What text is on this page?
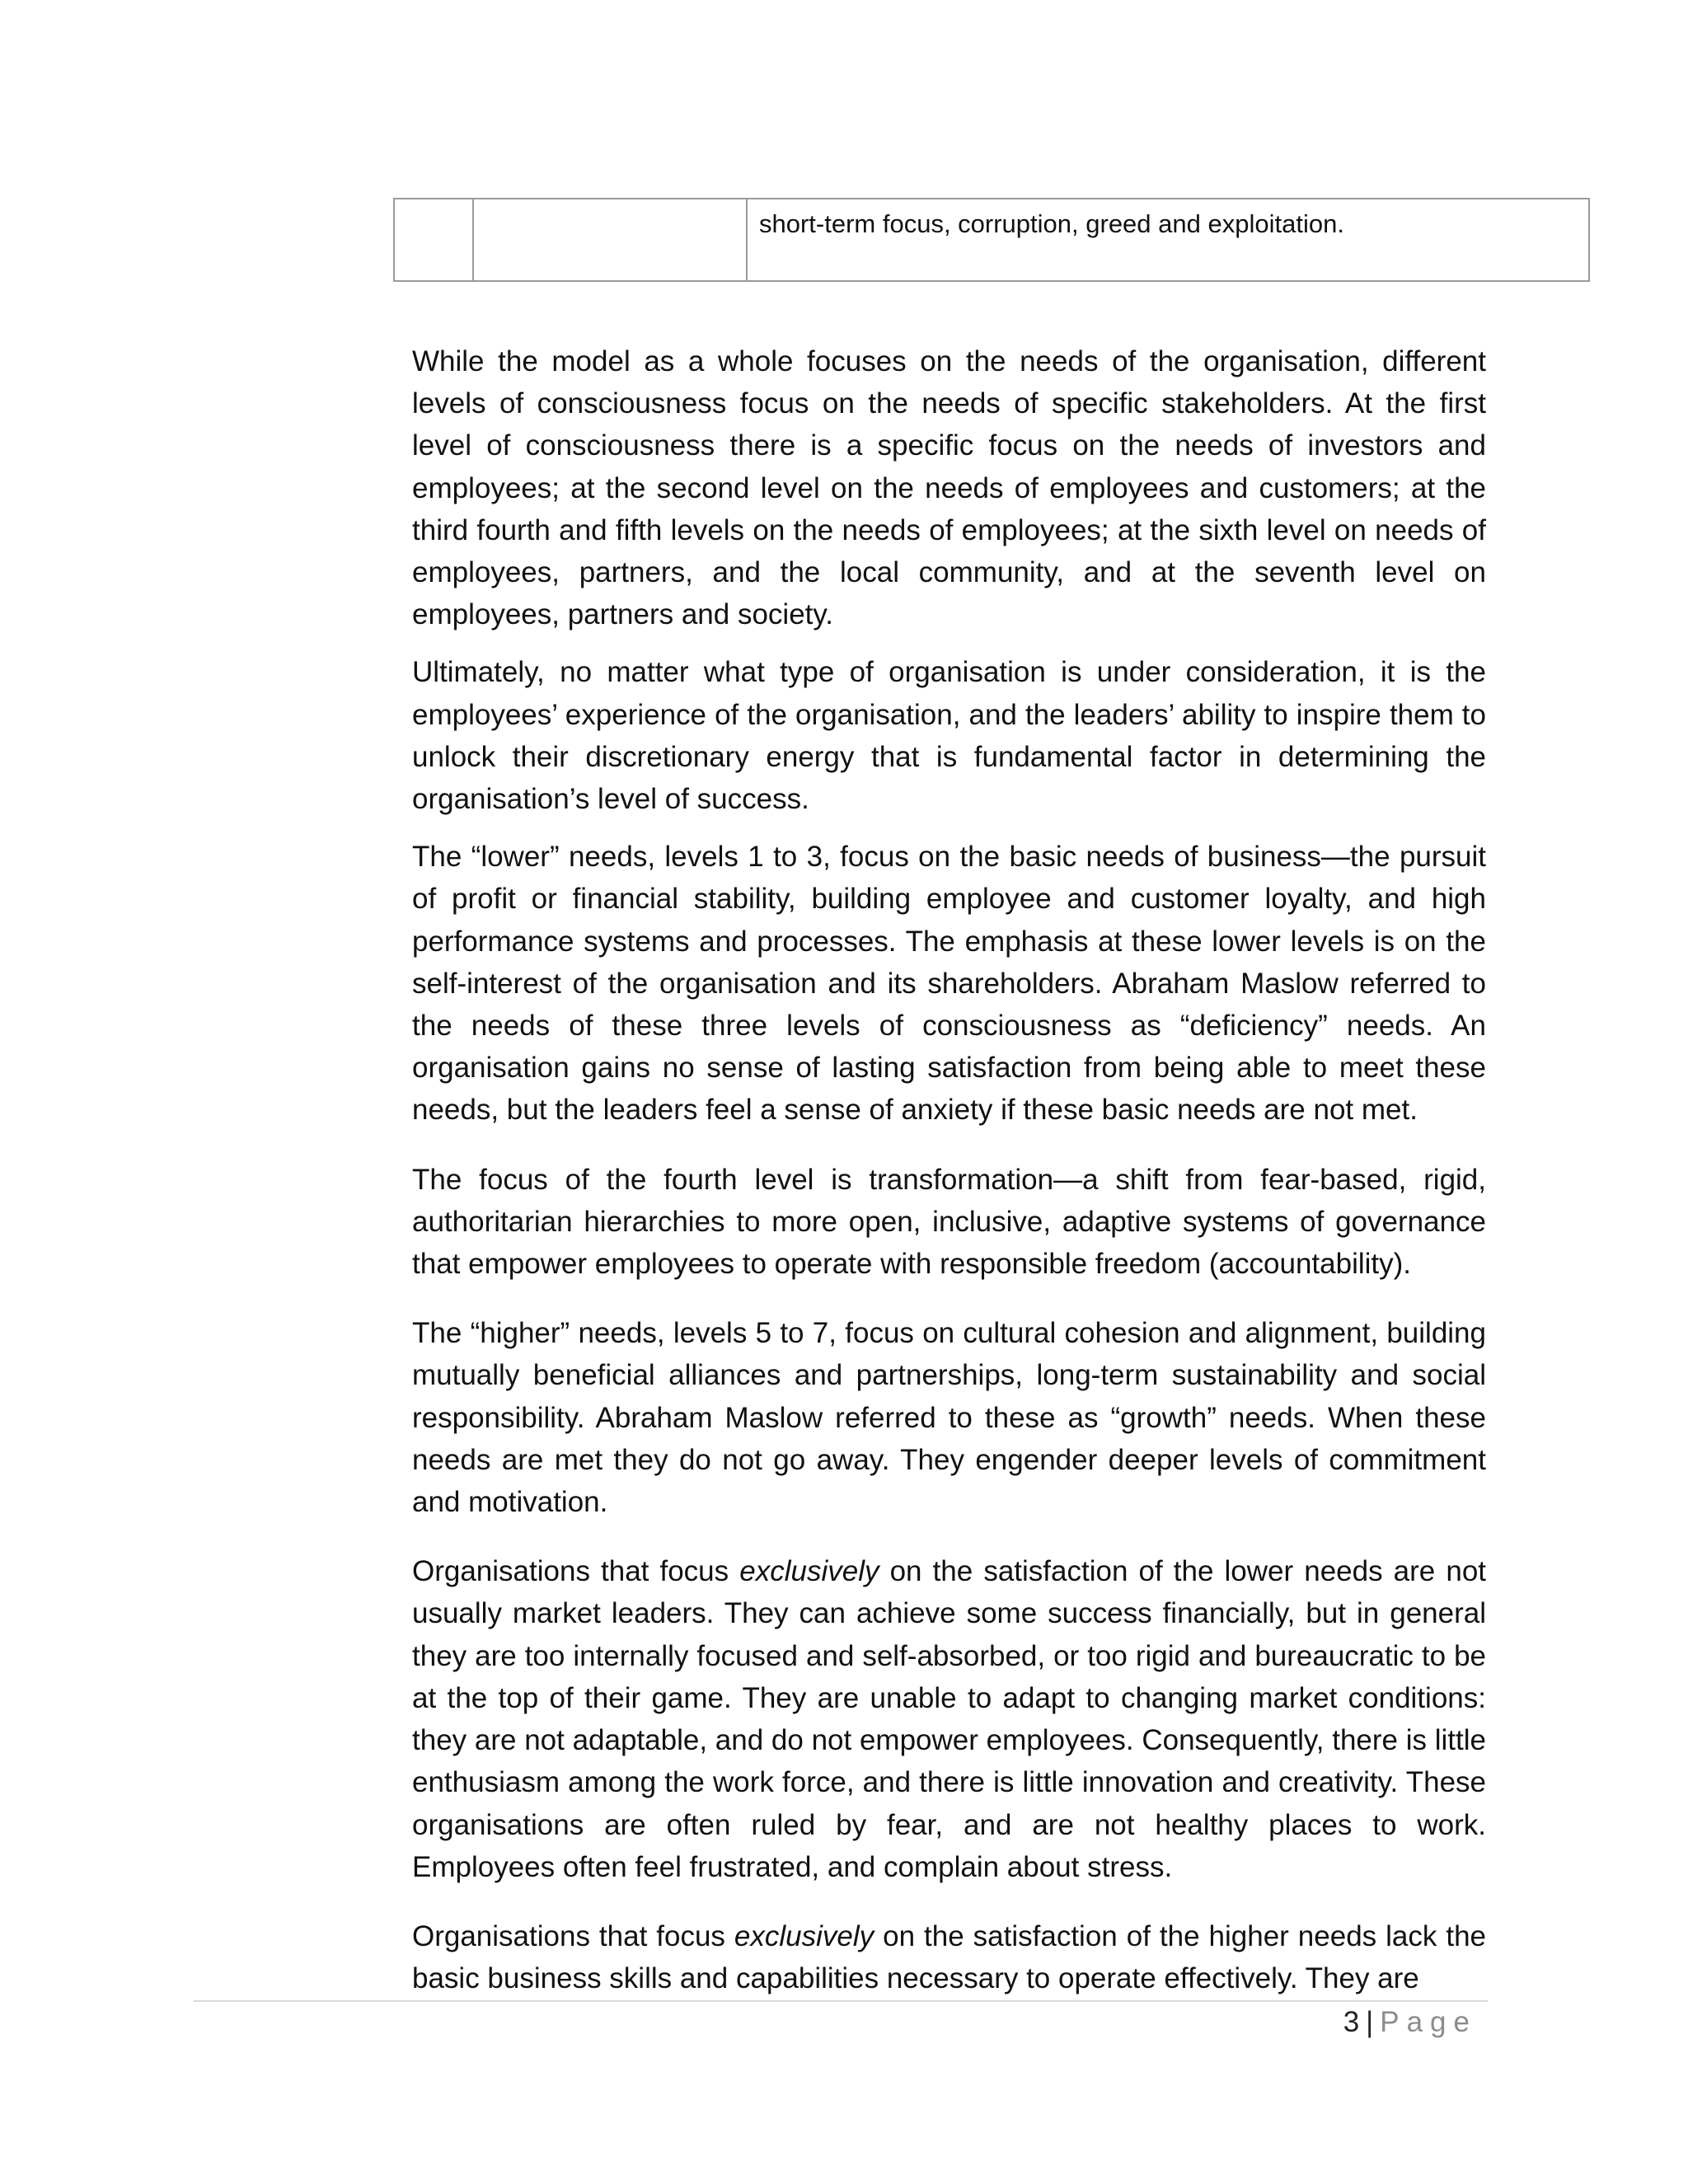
		short-term focus, corruption, greed and exploitation.

While the model as a whole focuses on the needs of the organisation, different levels of consciousness focus on the needs of specific stakeholders. At the first level of consciousness there is a specific focus on the needs of investors and employees; at the second level on the needs of employees and customers; at the third fourth and fifth levels on the needs of employees; at the sixth level on needs of employees, partners, and the local community, and at the seventh level on employees, partners and society.

Ultimately, no matter what type of organisation is under consideration, it is the employees’ experience of the organisation, and the leaders’ ability to inspire them to unlock their discretionary energy that is fundamental factor in determining the organisation’s level of success.

The “lower” needs, levels 1 to 3, focus on the basic needs of business—the pursuit of profit or financial stability, building employee and customer loyalty, and high performance systems and processes. The emphasis at these lower levels is on the self-interest of the organisation and its shareholders. Abraham Maslow referred to the needs of these three levels of consciousness as “deficiency” needs. An organisation gains no sense of lasting satisfaction from being able to meet these needs, but the leaders feel a sense of anxiety if these basic needs are not met.

The focus of the fourth level is transformation—a shift from fear-based, rigid, authoritarian hierarchies to more open, inclusive, adaptive systems of governance that empower employees to operate with responsible freedom (accountability).

The “higher” needs, levels 5 to 7, focus on cultural cohesion and alignment, building mutually beneficial alliances and partnerships, long-term sustainability and social responsibility. Abraham Maslow referred to these as “growth” needs. When these needs are met they do not go away. They engender deeper levels of commitment and motivation.

Organisations that focus exclusively on the satisfaction of the lower needs are not usually market leaders. They can achieve some success financially, but in general they are too internally focused and self-absorbed, or too rigid and bureaucratic to be at the top of their game. They are unable to adapt to changing market conditions: they are not adaptable, and do not empower employees. Consequently, there is little enthusiasm among the work force, and there is little innovation and creativity. These organisations are often ruled by fear, and are not healthy places to work. Employees often feel frustrated, and complain about stress.

Organisations that focus exclusively on the satisfaction of the higher needs lack the basic business skills and capabilities necessary to operate effectively. They are

3 | Page
